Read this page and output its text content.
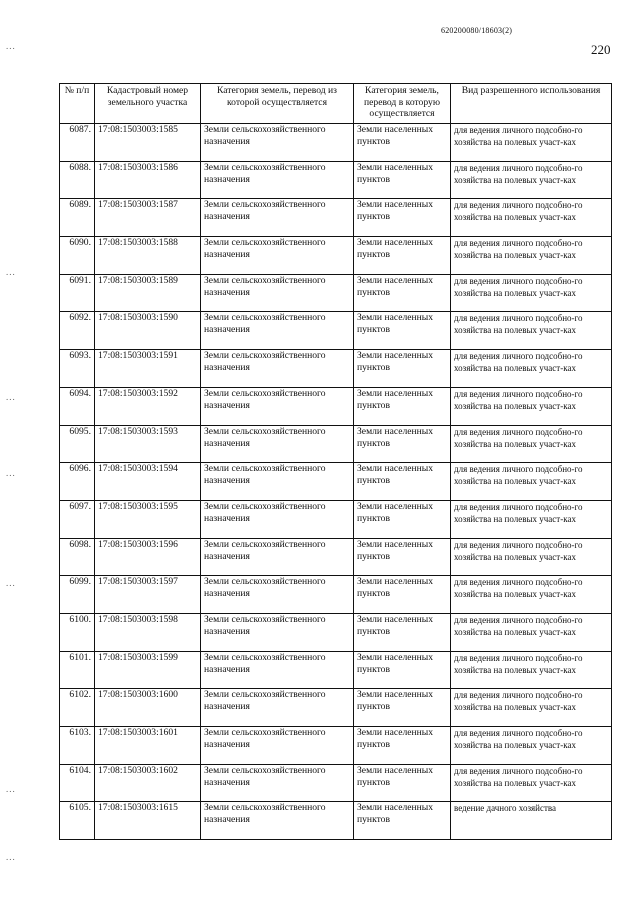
620200080/18603(2)
220
...
...
...
...
...
...
...
№ п/п	Кадастровый номер земельного участка	Категория земель, перевод из которой осуществляется	Категория земель, перевод в которую осуществляется	Вид разрешенного использования
6087.	17:08:1503003:1585	Земли сельскохозяйственного назначения	Земли населенных пунктов	для ведения личного подсобно-го хозяйства на полевых участ-ках
6088.	17:08:1503003:1586	Земли сельскохозяйственного назначения	Земли населенных пунктов	для ведения личного подсобно-го хозяйства на полевых участ-ках
6089.	17:08:1503003:1587	Земли сельскохозяйственного назначения	Земли населенных пунктов	для ведения личного подсобно-го хозяйства на полевых участ-ках
6090.	17:08:1503003:1588	Земли сельскохозяйственного назначения	Земли населенных пунктов	для ведения личного подсобно-го хозяйства на полевых участ-ках
6091.	17:08:1503003:1589	Земли сельскохозяйственного назначения	Земли населенных пунктов	для ведения личного подсобно-го хозяйства на полевых участ-ках
6092.	17:08:1503003:1590	Земли сельскохозяйственного назначения	Земли населенных пунктов	для ведения личного подсобно-го хозяйства на полевых участ-ках
6093.	17:08:1503003:1591	Земли сельскохозяйственного назначения	Земли населенных пунктов	для ведения личного подсобно-го хозяйства на полевых участ-ках
6094.	17:08:1503003:1592	Земли сельскохозяйственного назначения	Земли населенных пунктов	для ведения личного подсобно-го хозяйства на полевых участ-ках
6095.	17:08:1503003:1593	Земли сельскохозяйственного назначения	Земли населенных пунктов	для ведения личного подсобно-го хозяйства на полевых участ-ках
6096.	17:08:1503003:1594	Земли сельскохозяйственного назначения	Земли населенных пунктов	для ведения личного подсобно-го хозяйства на полевых участ-ках
6097.	17:08:1503003:1595	Земли сельскохозяйственного назначения	Земли населенных пунктов	для ведения личного подсобно-го хозяйства на полевых участ-ках
6098.	17:08:1503003:1596	Земли сельскохозяйственного назначения	Земли населенных пунктов	для ведения личного подсобно-го хозяйства на полевых участ-ках
6099.	17:08:1503003:1597	Земли сельскохозяйственного назначения	Земли населенных пунктов	для ведения личного подсобно-го хозяйства на полевых участ-ках
6100.	17:08:1503003:1598	Земли сельскохозяйственного назначения	Земли населенных пунктов	для ведения личного подсобно-го хозяйства на полевых участ-ках
6101.	17:08:1503003:1599	Земли сельскохозяйственного назначения	Земли населенных пунктов	для ведения личного подсобно-го хозяйства на полевых участ-ках
6102.	17:08:1503003:1600	Земли сельскохозяйственного назначения	Земли населенных пунктов	для ведения личного подсобно-го хозяйства на полевых участ-ках
6103.	17:08:1503003:1601	Земли сельскохозяйственного назначения	Земли населенных пунктов	для ведения личного подсобно-го хозяйства на полевых участ-ках
6104.	17:08:1503003:1602	Земли сельскохозяйственного назначения	Земли населенных пунктов	для ведения личного подсобно-го хозяйства на полевых участ-ках
6105.	17:08:1503003:1615	Земли сельскохозяйственного назначения	Земли населенных пунктов	ведение дачного хозяйства
